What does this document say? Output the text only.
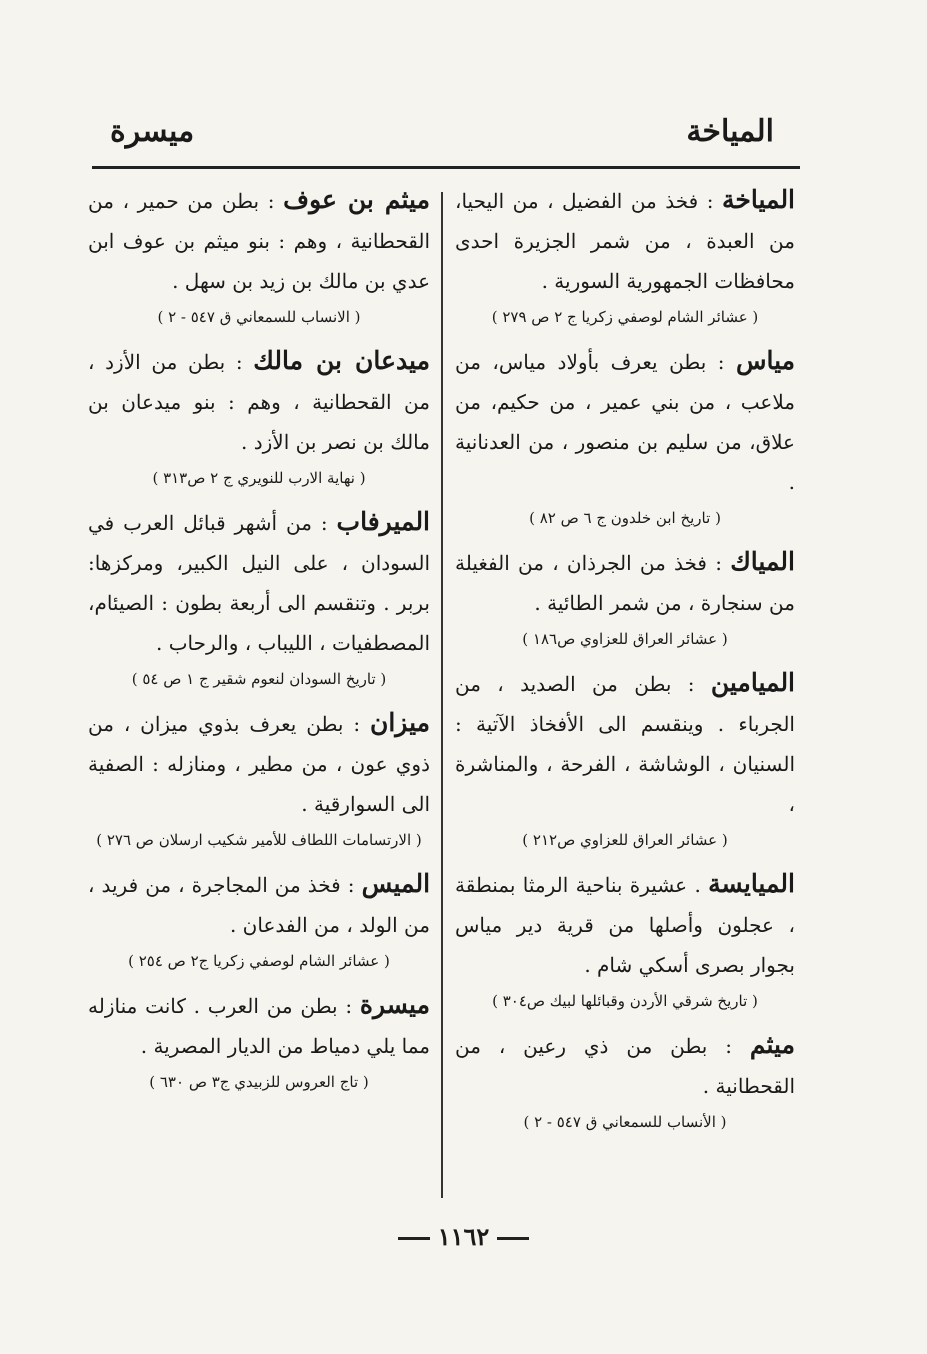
المياخة
ميسرة

المياخة : فخذ من الفضيل ، من اليحيا، من العبدة ، من شمر الجزيرة احدى محافظات الجمهورية السورية .

( عشائر الشام لوصفي زكريا ج ٢ ص ٢٧٩ )

مياس : بطن يعرف بأولاد مياس، من ملاعب ، من بني عمير ، من حكيم، من علاق، من سليم بن منصور ، من العدنانية .

( تاريخ ابن خلدون ج ٦ ص ٨٢ )

المياك : فخذ من الجرذان ، من الفغيلة من سنجارة ، من شمر الطائية .

( عشائر العراق للعزاوي ص١٨٦ )

الميامين : بطن من الصديد ، من الجرباء . وينقسم الى الأفخاذ الآتية : السنيان ، الوشاشة ، الفرحة ، والمناشرة ،

( عشائر العراق للعزاوي ص٢١٢ )

الميايسة . عشيرة بناحية الرمثا بمنطقة ، عجلون وأصلها من قرية دير مياس بجوار بصرى أسكي شام .

( تاريخ شرقي الأردن وقبائلها لبيك ص٣٠٤ )

ميثم : بطن من ذي رعين ، من القحطانية .

( الأنساب للسمعاني ق ٥٤٧ - ٢ )

ميثم بن عوف : بطن من حمير ، من القحطانية ، وهم : بنو ميثم بن عوف ابن عدي بن مالك بن زيد بن سهل .

( الانساب للسمعاني ق ٥٤٧ - ٢ )

ميدعان بن مالك : بطن من الأزد ، من القحطانية ، وهم : بنو ميدعان بن مالك بن نصر بن الأزد .

( نهاية الارب للنويري ج ٢ ص٣١٣ )

الميرفاب : من أشهر قبائل العرب في السودان ، على النيل الكبير، ومركزها: بربر . وتنقسم الى أربعة بطون : الصيئام، المصطفيات ، الليباب ، والرحاب .

( تاريخ السودان لنعوم شقير ج ١ ص ٥٤ )

ميزان : بطن يعرف بذوي ميزان ، من ذوي عون ، من مطير ، ومنازله : الصفية الى السوارقية .

( الارتسامات اللطاف للأمير شكيب ارسلان ص ٢٧٦ )

الميس : فخذ من المجاجرة ، من فريد ، من الولد ، من الفدعان .

( عشائر الشام لوصفي زكريا ج٢ ص ٢٥٤ )

ميسرة : بطن من العرب . كانت منازله مما يلي دمياط من الديار المصرية .

( تاج العروس للزبيدي ج٣ ص ٦٣٠ )
١١٦٢
